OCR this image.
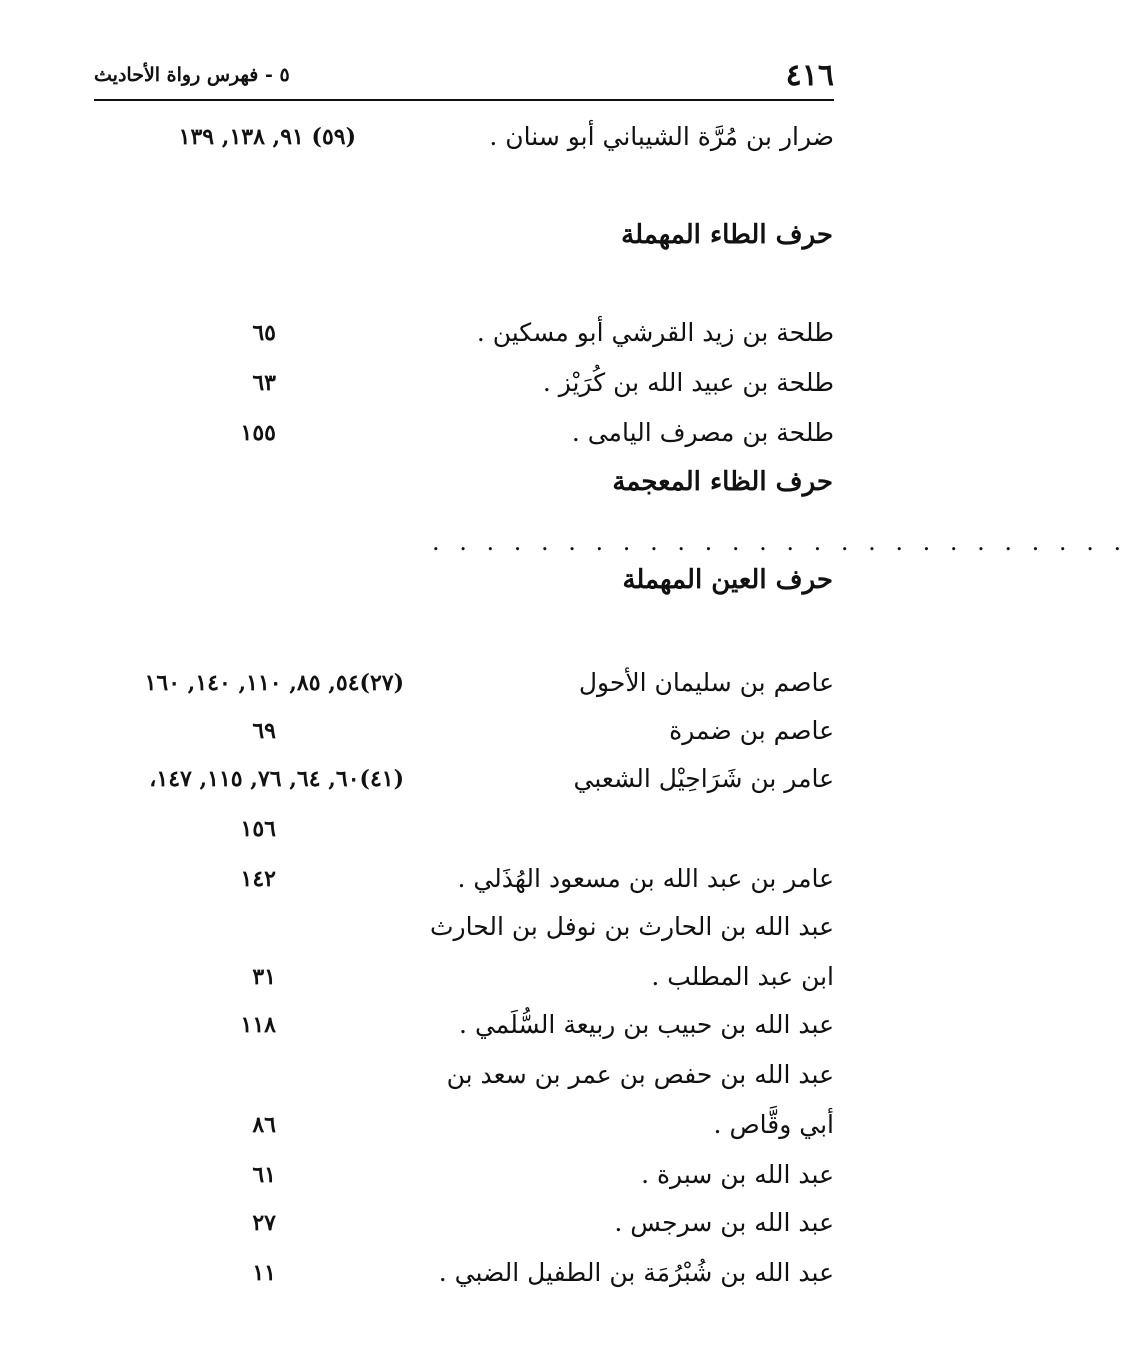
٤١٦
٥ - فهرس رواة الأحاديث
ضرار بن مُرَّة الشيباني أبو سنان .
(٥٩) ٩١, ١٣٨, ١٣٩
حرف الطاء المهملة
طلحة بن زيد القرشي أبو مسكين .
٦٥
طلحة بن عبيد الله بن كُرَيْز .
٦٣
طلحة بن مصرف اليامى .
١٥٥
حرف الظاء المعجمة
. . . . . . . . . . . . . . . . . . . . . . . . . .
حرف العين المهملة
عاصم بن سليمان الأحول
(٢٧)٥٤, ٨٥, ١١٠, ١٤٠, ١٦٠
عاصم بن ضمرة
٦٩
عامر بن شَرَاحِيْل الشعبي
(٤١)٦٠, ٦٤, ٧٦, ١١٥, ١٤٧،
١٥٦
عامر بن عبد الله بن مسعود الهُذَلي .
١٤٢
عبد الله بن الحارث بن نوفل بن الحارث
ابن عبد المطلب .
٣١
عبد الله بن حبيب بن ربيعة السُّلَمي .
١١٨
عبد الله بن حفص بن عمر بن سعد بن
أبي وقَّاص .
٨٦
عبد الله بن سبرة .
٦١
عبد الله بن سرجس .
٢٧
عبد الله بن شُبْرُمَة بن الطفيل الضبي .
١١
